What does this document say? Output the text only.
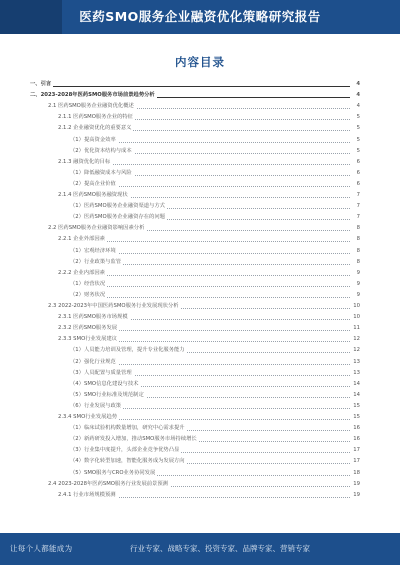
医药SMO服务企业融资优化策略研究报告
内容目录
一、引言	4
二、2023-2028年医药SMO服务市场前景趋势分析	4
2.1 医药SMO服务企业融资优化概述	4
2.1.1 医药SMO服务企业的特征	5
2.1.2 企业融资优化的重要意义	5
（1）提高资金效率	5
（2）优化资本结构与成本	5
2.1.3 融资优化的目标	6
（1）降低融资成本与风险	6
（2）提高企业价值	6
2.1.4 医药SMO服务融资现状	7
（1）医药SMO服务企业融资渠道与方式	7
（2）医药SMO服务企业融资存在的问题	7
2.2 医药SMO服务企业融资影响因素分析	8
2.2.1 企业外部因素	8
（1）宏观经济环境	8
（2）行业政策与监管	8
2.2.2 企业内部因素	9
（1）经营状况	9
（2）财务状况	9
2.3 2022-2023年中国医药SMO服务行业发展现状分析	10
2.3.1 医药SMO服务市场规模	10
2.3.2 医药SMO服务发展	11
2.3.3 SMO行业发展建议	12
（1）人员能力培训及管理，提升专业化服务能力	12
（2）强化行业规范	13
（3）人员配置与质量管理	13
（4）SMO信息化建设与技术	14
（5）SMO行业标准及规范制定	14
（6）行业发展与政策	15
2.3.4 SMO行业发展趋势	15
（1）临床试验机构数量增加，研究中心需求提升	16
（2）新药研发投入增加，推动SMO服务市场持续增长	16
（3）行业集中度提升，头部企业竞争优势凸显	17
（4）数字化转型加速，智能化服务成为发展方向	17
（5）SMO服务与CRO业务协同发展	18
2.4 2023-2028年医药SMO服务行业发展前景预测	19
2.4.1 行业市场规模预测	19
让每个人都能成为	行业专家、战略专家、投资专家、品牌专家、营销专家
